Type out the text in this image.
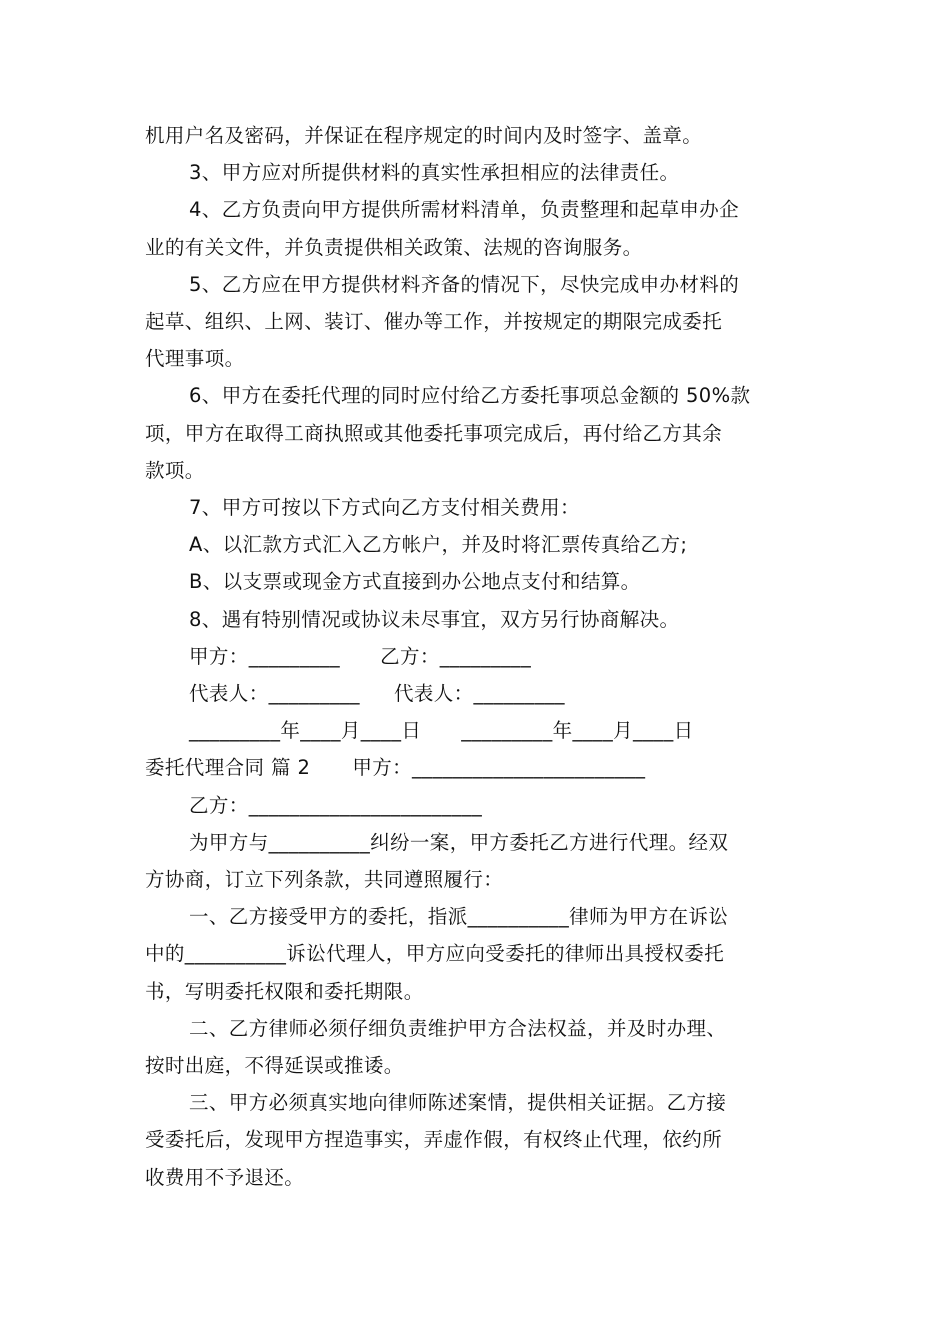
机用户名及密码，并保证在程序规定的时间内及时签字、盖章。

3、甲方应对所提供材料的真实性承担相应的法律责任。

4、乙方负责向甲方提供所需材料清单，负责整理和起草申办企

业的有关文件，并负责提供相关政策、法规的咨询服务。

5、乙方应在甲方提供材料齐备的情况下，尽快完成申办材料的

起草、组织、上网、装订、催办等工作，并按规定的期限完成委托

代理事项。

6、甲方在委托代理的同时应付给乙方委托事项总金额的 50%款

项，甲方在取得工商执照或其他委托事项完成后，再付给乙方其余

款项。

7、甲方可按以下方式向乙方支付相关费用：

A、以汇款方式汇入乙方帐户，并及时将汇票传真给乙方;

B、以支票或现金方式直接到办公地点支付和结算。

8、遇有特别情况或协议未尽事宜，双方另行协商解决。

甲方：_________ 乙方：_________

代表人：_________ 代表人：_________

_________年____月____日 _________年____月____日

委托代理合同 篇 2 甲方：_______________________

乙方：_______________________

为甲方与__________纠纷一案，甲方委托乙方进行代理。经双

方协商，订立下列条款，共同遵照履行：

一、乙方接受甲方的委托，指派__________律师为甲方在诉讼

中的__________诉讼代理人，甲方应向受委托的律师出具授权委托

书，写明委托权限和委托期限。

二、乙方律师必须仔细负责维护甲方合法权益，并及时办理、

按时出庭，不得延误或推诿。

三、甲方必须真实地向律师陈述案情，提供相关证据。乙方接

受委托后，发现甲方捏造事实，弄虚作假，有权终止代理，依约所

收费用不予退还。
